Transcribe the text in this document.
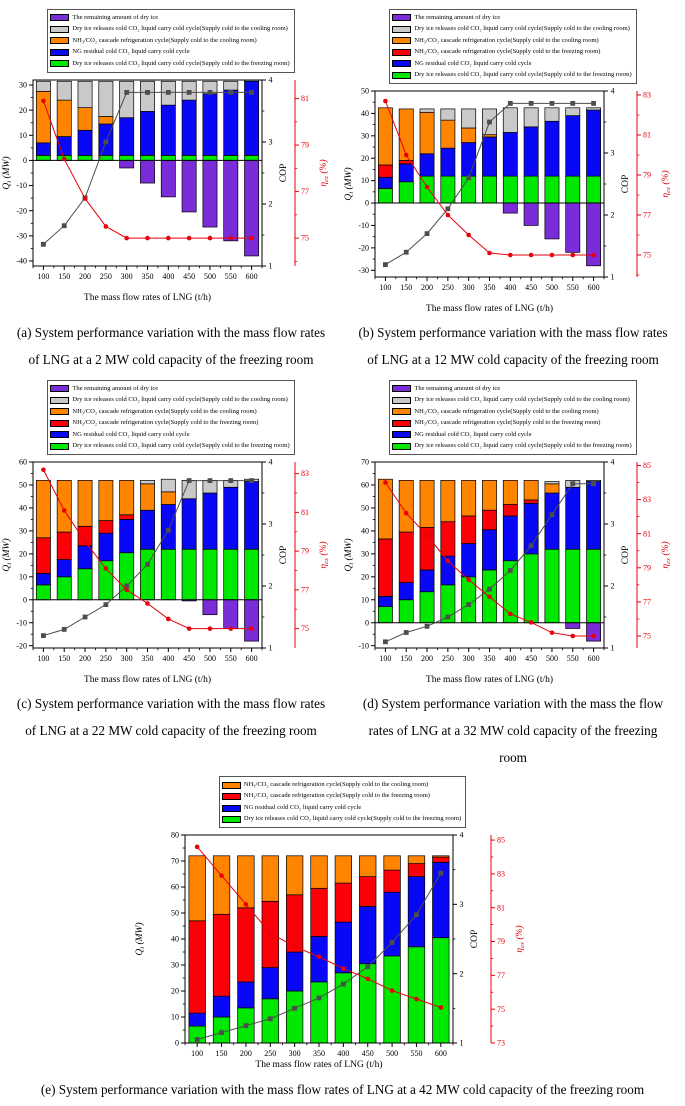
The remaining amount of dry ice
Dry ice releases cold CO₂ liquid carry cold cycle(Supply cold to the cooling room)
NH₃/CO₂ cascade refrigeration cycle(Supply cold to the cooling room)
NG residual cold CO₂ liquid carry cold cycle
Dry ice releases cold CO₂ liquid carry cold cycle(Supply cold to the freezing room)
-40
-30
-20
-10
0
10
20
30
100 150 200 250 300 350 400 450 500 550 600
The mass flow rates of LNG (t/h)
$Q_i$ (MW)
1
2
3
4
COP
75
77
79
81
$\eta_{ex}$ (%)
The remaining amount of dry ice
Dry ice releases cold CO₂ liquid carry cold cycle(Supply cold to the cooling room)
NH₃/CO₂ cascade refrigeration cycle(Supply cold to the cooling room)
NH₃/CO₂ cascade refrigeration cycle(Supply cold to the freezing room)
NG residual cold CO₂ liquid carry cold cycle
Dry ice releases cold CO₂ liquid carry cold cycle(Supply cold to the freezing room)
-30
-20
-10
0
10
20
30
40
50
100 150 200 250 300 350 400 450 500 550 600
The mass flow rates of LNG (t/h)
$Q_i$ (MW)
1
2
3
4
COP
75
77
79
81
83
$\eta_{ex}$ (%)
(a) System performance variation with the mass flow rates of LNG at a 2 MW cold capacity of the freezing room
(b) System performance variation with the mass flow rates of LNG at a 12 MW cold capacity of the freezing room
The remaining amount of dry ice
Dry ice releases cold CO₂ liquid carry cold cycle(Supply cold to the cooling room)
NH₃/CO₂ cascade refrigeration cycle(Supply cold to the cooling room)
NH₃/CO₂ cascade refrigeration cycle(Supply cold to the freezing room)
NG residual cold CO₂ liquid carry cold cycle
Dry ice releases cold CO₂ liquid carry cold cycle(Supply cold to the freezing room)
-20
-10
0
10
20
30
40
50
60
100 150 200 250 300 350 400 450 500 550 600
The mass flow rates of LNG (t/h)
$Q_i$ (MW)
1
2
3
4
COP
75
77
79
81
83
$\eta_{ex}$ (%)
The remaining amount of dry ice
Dry ice releases cold CO₂ liquid carry cold cycle(Supply cold to the cooling room)
NH₃/CO₂ cascade refrigeration cycle(Supply cold to the cooling room)
NH₃/CO₂ cascade refrigeration cycle(Supply cold to the freezing room)
NG residual cold CO₂ liquid carry cold cycle
Dry ice releases cold CO₂ liquid carry cold cycle(Supply cold to the freezing room)
-10
0
10
20
30
40
50
60
70
100 150 200 250 300 350 400 450 500 550 600
The mass flow rates of LNG (t/h)
$Q_i$ (MW)
1
2
3
4
COP
75
77
79
81
83
85
$\eta_{ex}$ (%)
(c) System performance variation with the mass flow rates of LNG at a 22 MW cold capacity of the freezing room
(d) System performance variation with the mass the flow rates of LNG at a 32 MW cold capacity of the freezing room
NH₃/CO₂ cascade refrigeration cycle(Supply cold to the cooling room)
NH₃/CO₂ cascade refrigeration cycle(Supply cold to the freezing room)
NG residual cold CO₂ liquid carry cold cycle
Dry ice releases cold CO₂ liquid carry cold cycle(Supply cold to the freezing room)
0
10
20
30
40
50
60
70
80
100 150 200 250 300 350 400 450 500 550 600
The mass flow rates of LNG (t/h)
$Q_i$ (MW)
1
2
3
4
COP
73
75
77
79
81
83
85
$\eta_{ex}$ (%)
(e) System performance variation with the mass flow rates of LNG at a 42 MW cold capacity of the freezing room
